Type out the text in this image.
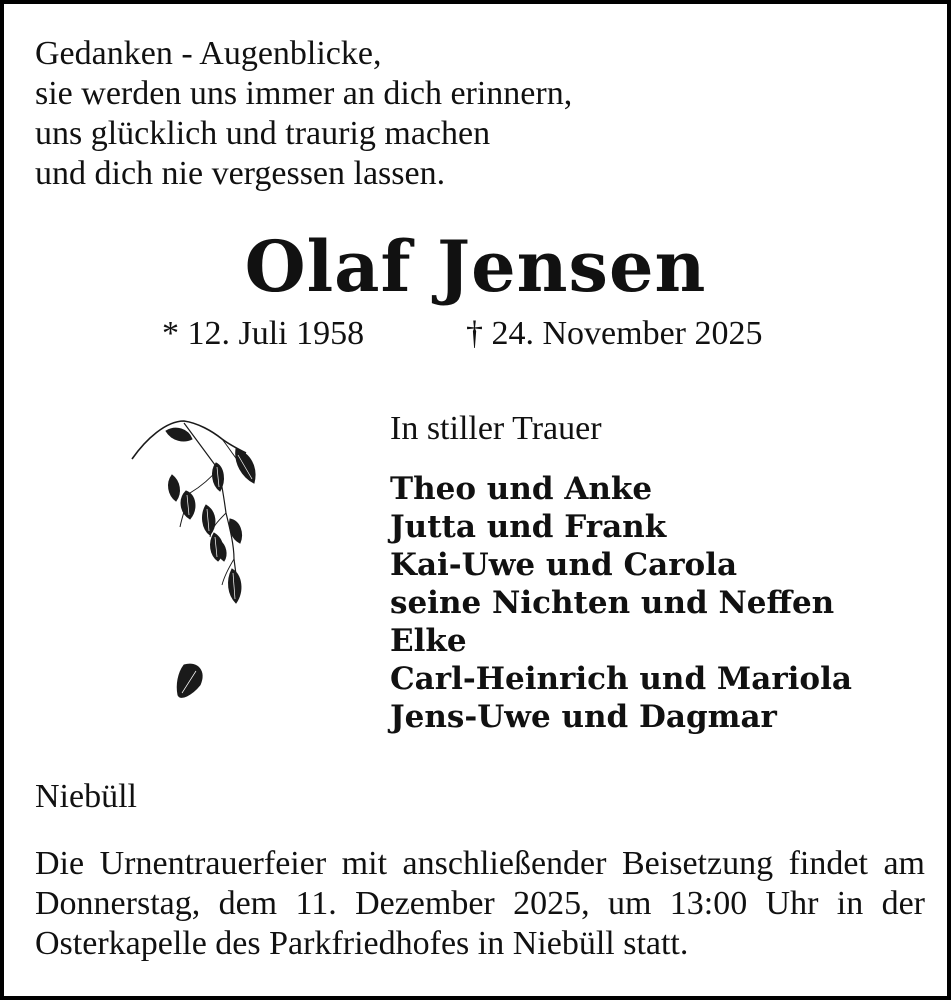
Gedanken - Augenblicke,
sie werden uns immer an dich erinnern,
uns glücklich und traurig machen
und dich nie vergessen lassen.
Olaf Jensen
* 12. Juli 1958	† 24. November 2025
In stiller Trauer
Theo und Anke
Jutta und Frank
Kai-Uwe und Carola
seine Nichten und Neffen
Elke
Carl-Heinrich und Mariola
Jens-Uwe und Dagmar
Niebüll
Die Urnentrauerfeier mit anschließender Beisetzung findet am Donnerstag, dem 11. Dezember 2025, um 13:00 Uhr in der Osterkapelle des Parkfriedhofes in Niebüll statt.
